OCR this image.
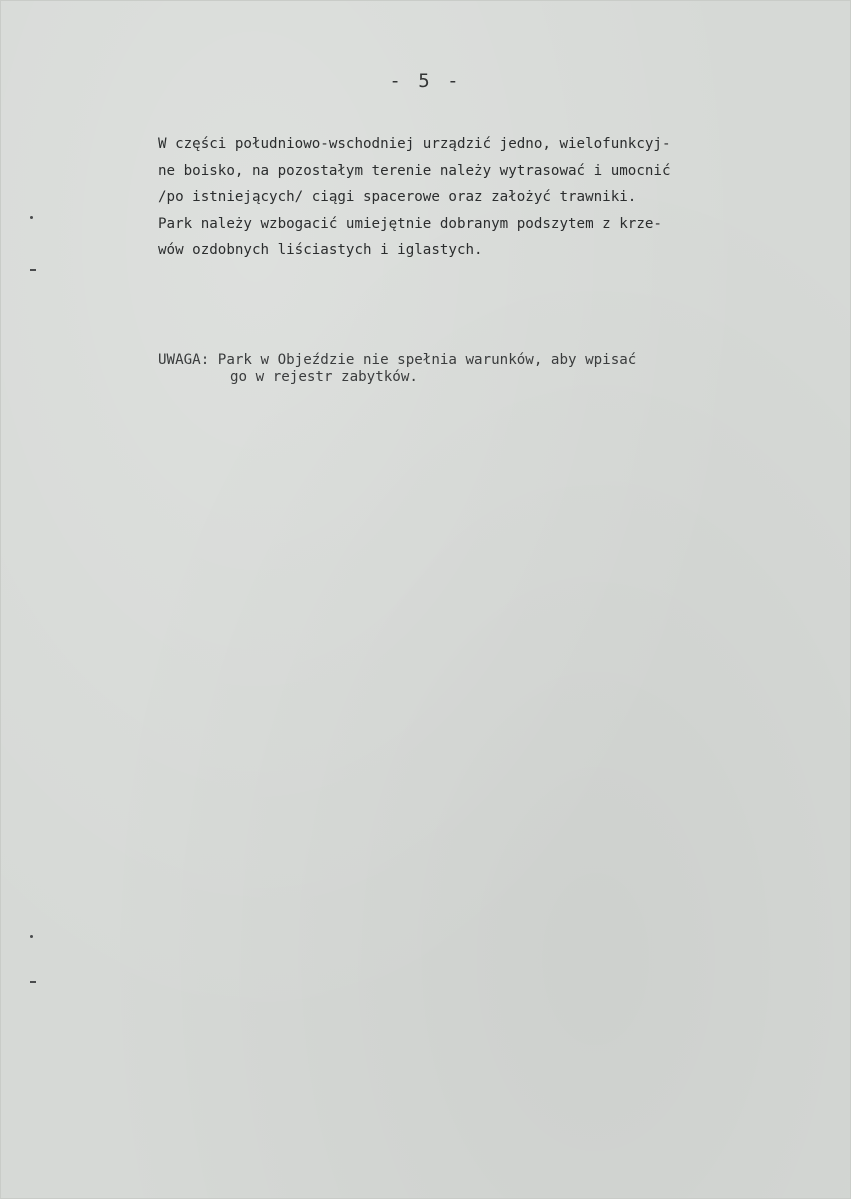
- 5 -
W części południowo-wschodniej urządzić jedno, wielofunkcyj-
ne boisko, na pozostałym terenie należy wytrasować i umocnić
/po istniejących/ ciągi spacerowe oraz założyć trawniki.
Park należy wzbogacić umiejętnie dobranym podszytem z krze-
wów ozdobnych liściastych i iglastych.
UWAGA: Park w Objeździe nie spełnia warunków, aby wpisać
go w rejestr zabytków.
